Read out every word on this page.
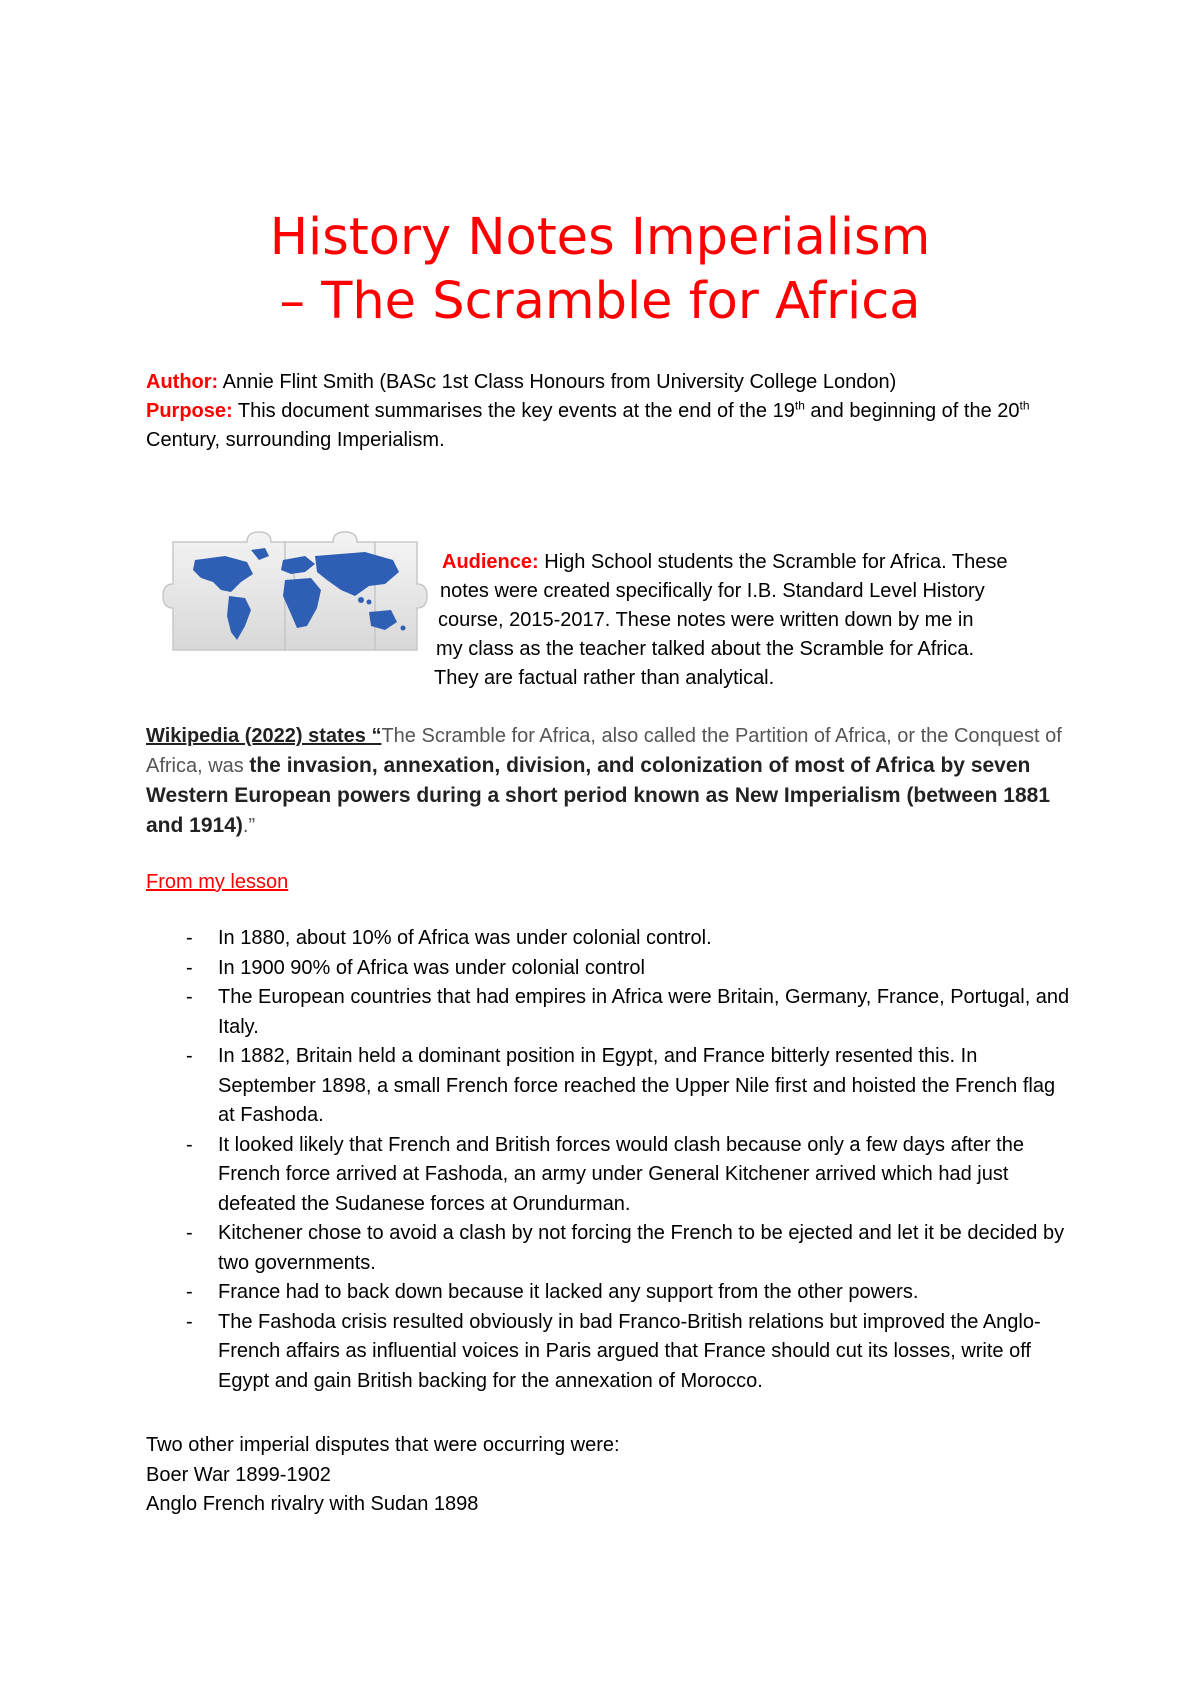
History Notes Imperialism
– The Scramble for Africa
Author: Annie Flint Smith (BASc 1st Class Honours from University College London)
Purpose: This document summarises the key events at the end of the 19th and beginning of the 20th Century, surrounding Imperialism.
Audience: High School students the Scramble for Africa. These
notes were created specifically for I.B. Standard Level History
course, 2015-2017. These notes were written down by me in
my class as the teacher talked about the Scramble for Africa.
They are factual rather than analytical.
Wikipedia (2022) states “The Scramble for Africa, also called the Partition of Africa, or the Conquest of Africa, was the invasion, annexation, division, and colonization of most of Africa by seven Western European powers during a short period known as New Imperialism (between 1881 and 1914).”
From my lesson
- In 1880, about 10% of Africa was under colonial control.
- In 1900 90% of Africa was under colonial control
- The European countries that had empires in Africa were Britain, Germany, France, Portugal, and Italy.
- In 1882, Britain held a dominant position in Egypt, and France bitterly resented this. In September 1898, a small French force reached the Upper Nile first and hoisted the French flag at Fashoda.
- It looked likely that French and British forces would clash because only a few days after the French force arrived at Fashoda, an army under General Kitchener arrived which had just defeated the Sudanese forces at Orundurman.
- Kitchener chose to avoid a clash by not forcing the French to be ejected and let it be decided by two governments.
- France had to back down because it lacked any support from the other powers.
- The Fashoda crisis resulted obviously in bad Franco-British relations but improved the Anglo-French affairs as influential voices in Paris argued that France should cut its losses, write off Egypt and gain British backing for the annexation of Morocco.
Two other imperial disputes that were occurring were:
Boer War 1899-1902
Anglo French rivalry with Sudan 1898
